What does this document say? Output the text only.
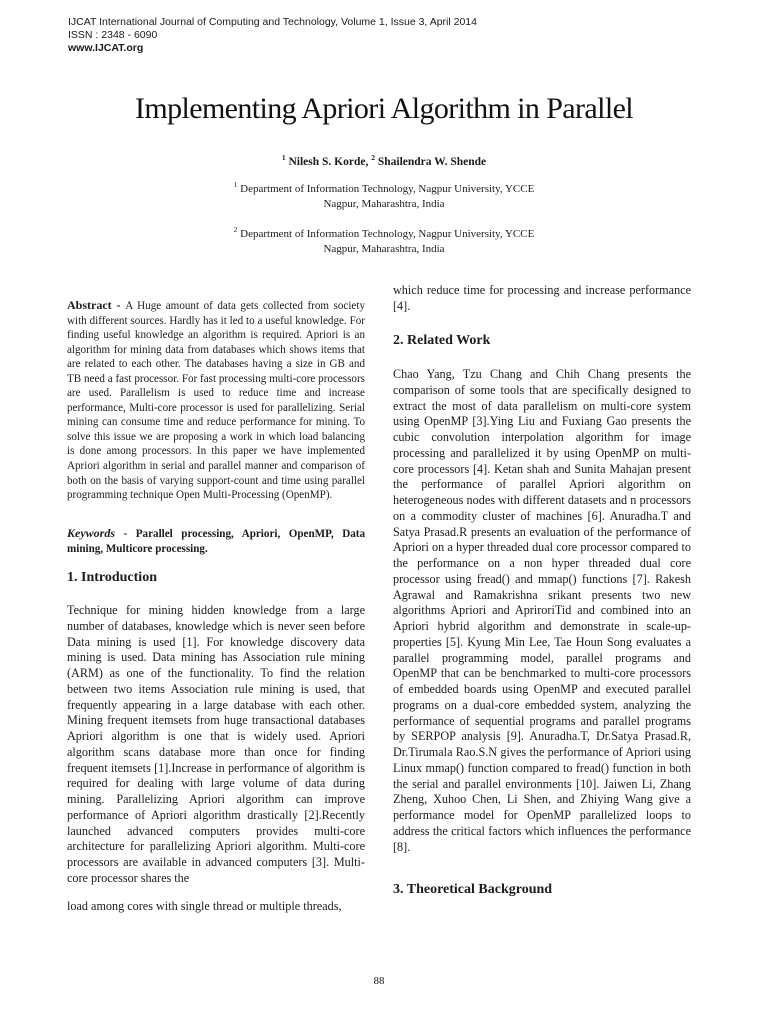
IJCAT International Journal of Computing and Technology, Volume 1, Issue 3, April 2014
ISSN : 2348 - 6090
www.IJCAT.org
Implementing Apriori Algorithm in Parallel
$^1$ Nilesh S. Korde, $^2$ Shailendra W. Shende
$^1$ Department of Information Technology, Nagpur University, YCCE
Nagpur, Maharashtra, India
$^2$ Department of Information Technology, Nagpur University, YCCE
Nagpur, Maharashtra, India
Abstract - A Huge amount of data gets collected from society with different sources. Hardly has it led to a useful knowledge. For finding useful knowledge an algorithm is required. Apriori is an algorithm for mining data from databases which shows items that are related to each other. The databases having a size in GB and TB need a fast processor. For fast processing multi-core processors are used. Parallelism is used to reduce time and increase performance, Multi-core processor is used for parallelizing. Serial mining can consume time and reduce performance for mining. To solve this issue we are proposing a work in which load balancing is done among processors. In this paper we have implemented Apriori algorithm in serial and parallel manner and comparison of both on the basis of varying support-count and time using parallel programming technique Open Multi-Processing (OpenMP).
Keywords - Parallel processing, Apriori, OpenMP, Data mining, Multicore processing.
1. Introduction
Technique for mining hidden knowledge from a large number of databases, knowledge which is never seen before Data mining is used [1]. For knowledge discovery data mining is used. Data mining has Association rule mining (ARM) as one of the functionality. To find the relation between two items Association rule mining is used, that frequently appearing in a large database with each other. Mining frequent itemsets from huge transactional databases Apriori algorithm is one that is widely used. Apriori algorithm scans database more than once for finding frequent itemsets [1].Increase in performance of algorithm is required for dealing with large volume of data during mining. Parallelizing Apriori algorithm can improve performance of Apriori algorithm drastically [2].Recently launched advanced computers provides multi-core architecture for parallelizing Apriori algorithm. Multi-core processors are available in advanced computers [3]. Multi-core processor shares the
load among cores with single thread or multiple threads,
which reduce time for processing and increase performance [4].
2. Related Work
Chao Yang, Tzu Chang and Chih Chang presents the comparison of some tools that are specifically designed to extract the most of data parallelism on multi-core system using OpenMP [3].Ying Liu and Fuxiang Gao presents the cubic convolution interpolation algorithm for image processing and parallelized it by using OpenMP on multi-core processors [4]. Ketan shah and Sunita Mahajan present the performance of parallel Apriori algorithm on heterogeneous nodes with different datasets and n processors on a commodity cluster of machines [6]. Anuradha.T and Satya Prasad.R presents an evaluation of the performance of Apriori on a hyper threaded dual core processor compared to the performance on a non hyper threaded dual core processor using fread() and mmap() functions [7]. Rakesh Agrawal and Ramakrishna srikant presents two new algorithms Apriori and ApriroriTid and combined into an Apriori hybrid algorithm and demonstrate in scale-up-properties [5]. Kyung Min Lee, Tae Houn Song evaluates a parallel programming model, parallel programs and OpenMP that can be benchmarked to multi-core processors of embedded boards using OpenMP and executed parallel programs on a dual-core embedded system, analyzing the performance of sequential programs and parallel programs by SERPOP analysis [9]. Anuradha.T, Dr.Satya Prasad.R, Dr.Tirumala Rao.S.N gives the performance of Apriori using Linux mmap() function compared to fread() function in both the serial and parallel environments [10]. Jaiwen Li, Zhang Zheng, Xuhoo Chen, Li Shen, and Zhiying Wang give a performance model for OpenMP parallelized loops to address the critical factors which influences the performance [8].
3. Theoretical Background
88
